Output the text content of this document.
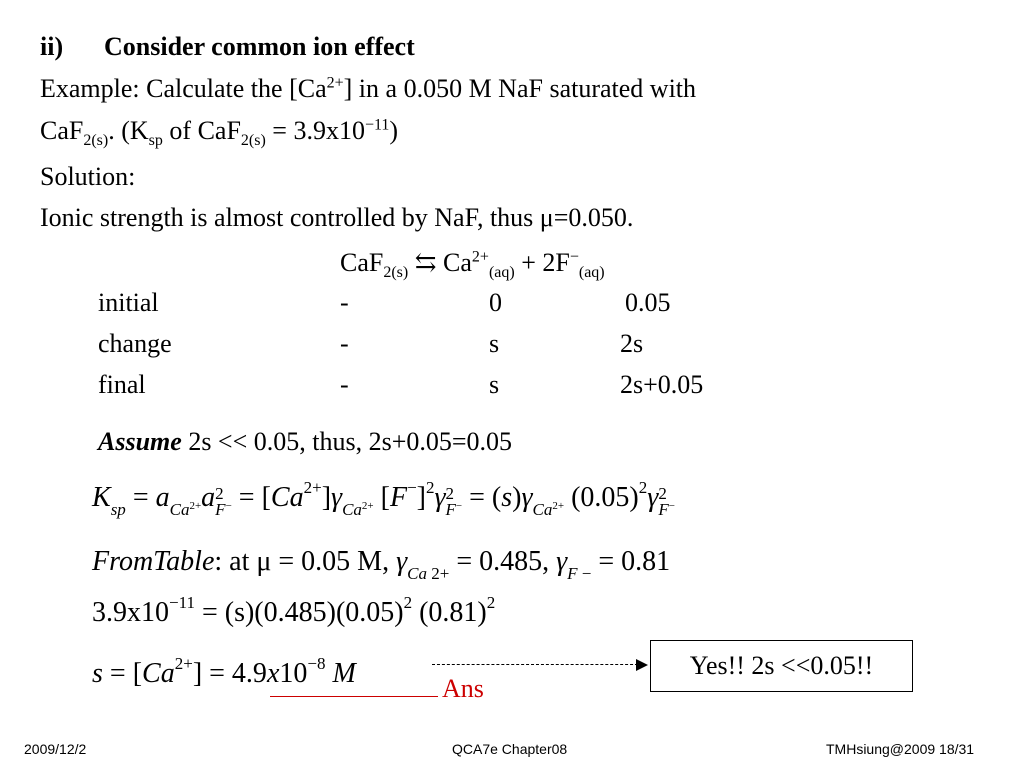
ii) Consider common ion effect
Example: Calculate the $[Ca^{2+}]$ in a 0.050 M NaF saturated with
CaF$_{2(s)}$. ($K_{sp}$ of $CaF_{2(s)} = 3.9x10^{-11}$)
Solution:
Ionic strength is almost controlled by NaF, thus μ=0.050.
CaF$_{2(s)}$ ⇆ $Ca^{2+}_{(aq)} + 2F^-_{(aq)}$
initial	-	0	0.05
change	-	s	2s
final	-	s	2s+0.05
Assume 2s << 0.05, thus, 2s+0.05=0.05
$K_{sp} = a_{Ca^{2+}}a$ 2
$F^- = [Ca^{2+}]\gamma_{Ca^{2+}}$ $[F^-]^2\gamma$ 2
$F^- = (s)\gamma_{Ca^{2+}}$ $(0.05)^2\gamma$ 2
F−
FromTable: at μ = 0.05 M, $\gamma_{Ca 2+} = 0.485$, $\gamma_{F -} = 0.81$
$3.9x10^{-11} = (s)(0.485)(0.05)^2$ $(0.81)^2$
$s = [Ca^{2+}] = 4.9x10^{-8}$ M	Ans
Yes!! 2s <<0.05!!
2009/12/2	QCA7e Chapter08	TMHsiung@2009 18/31
